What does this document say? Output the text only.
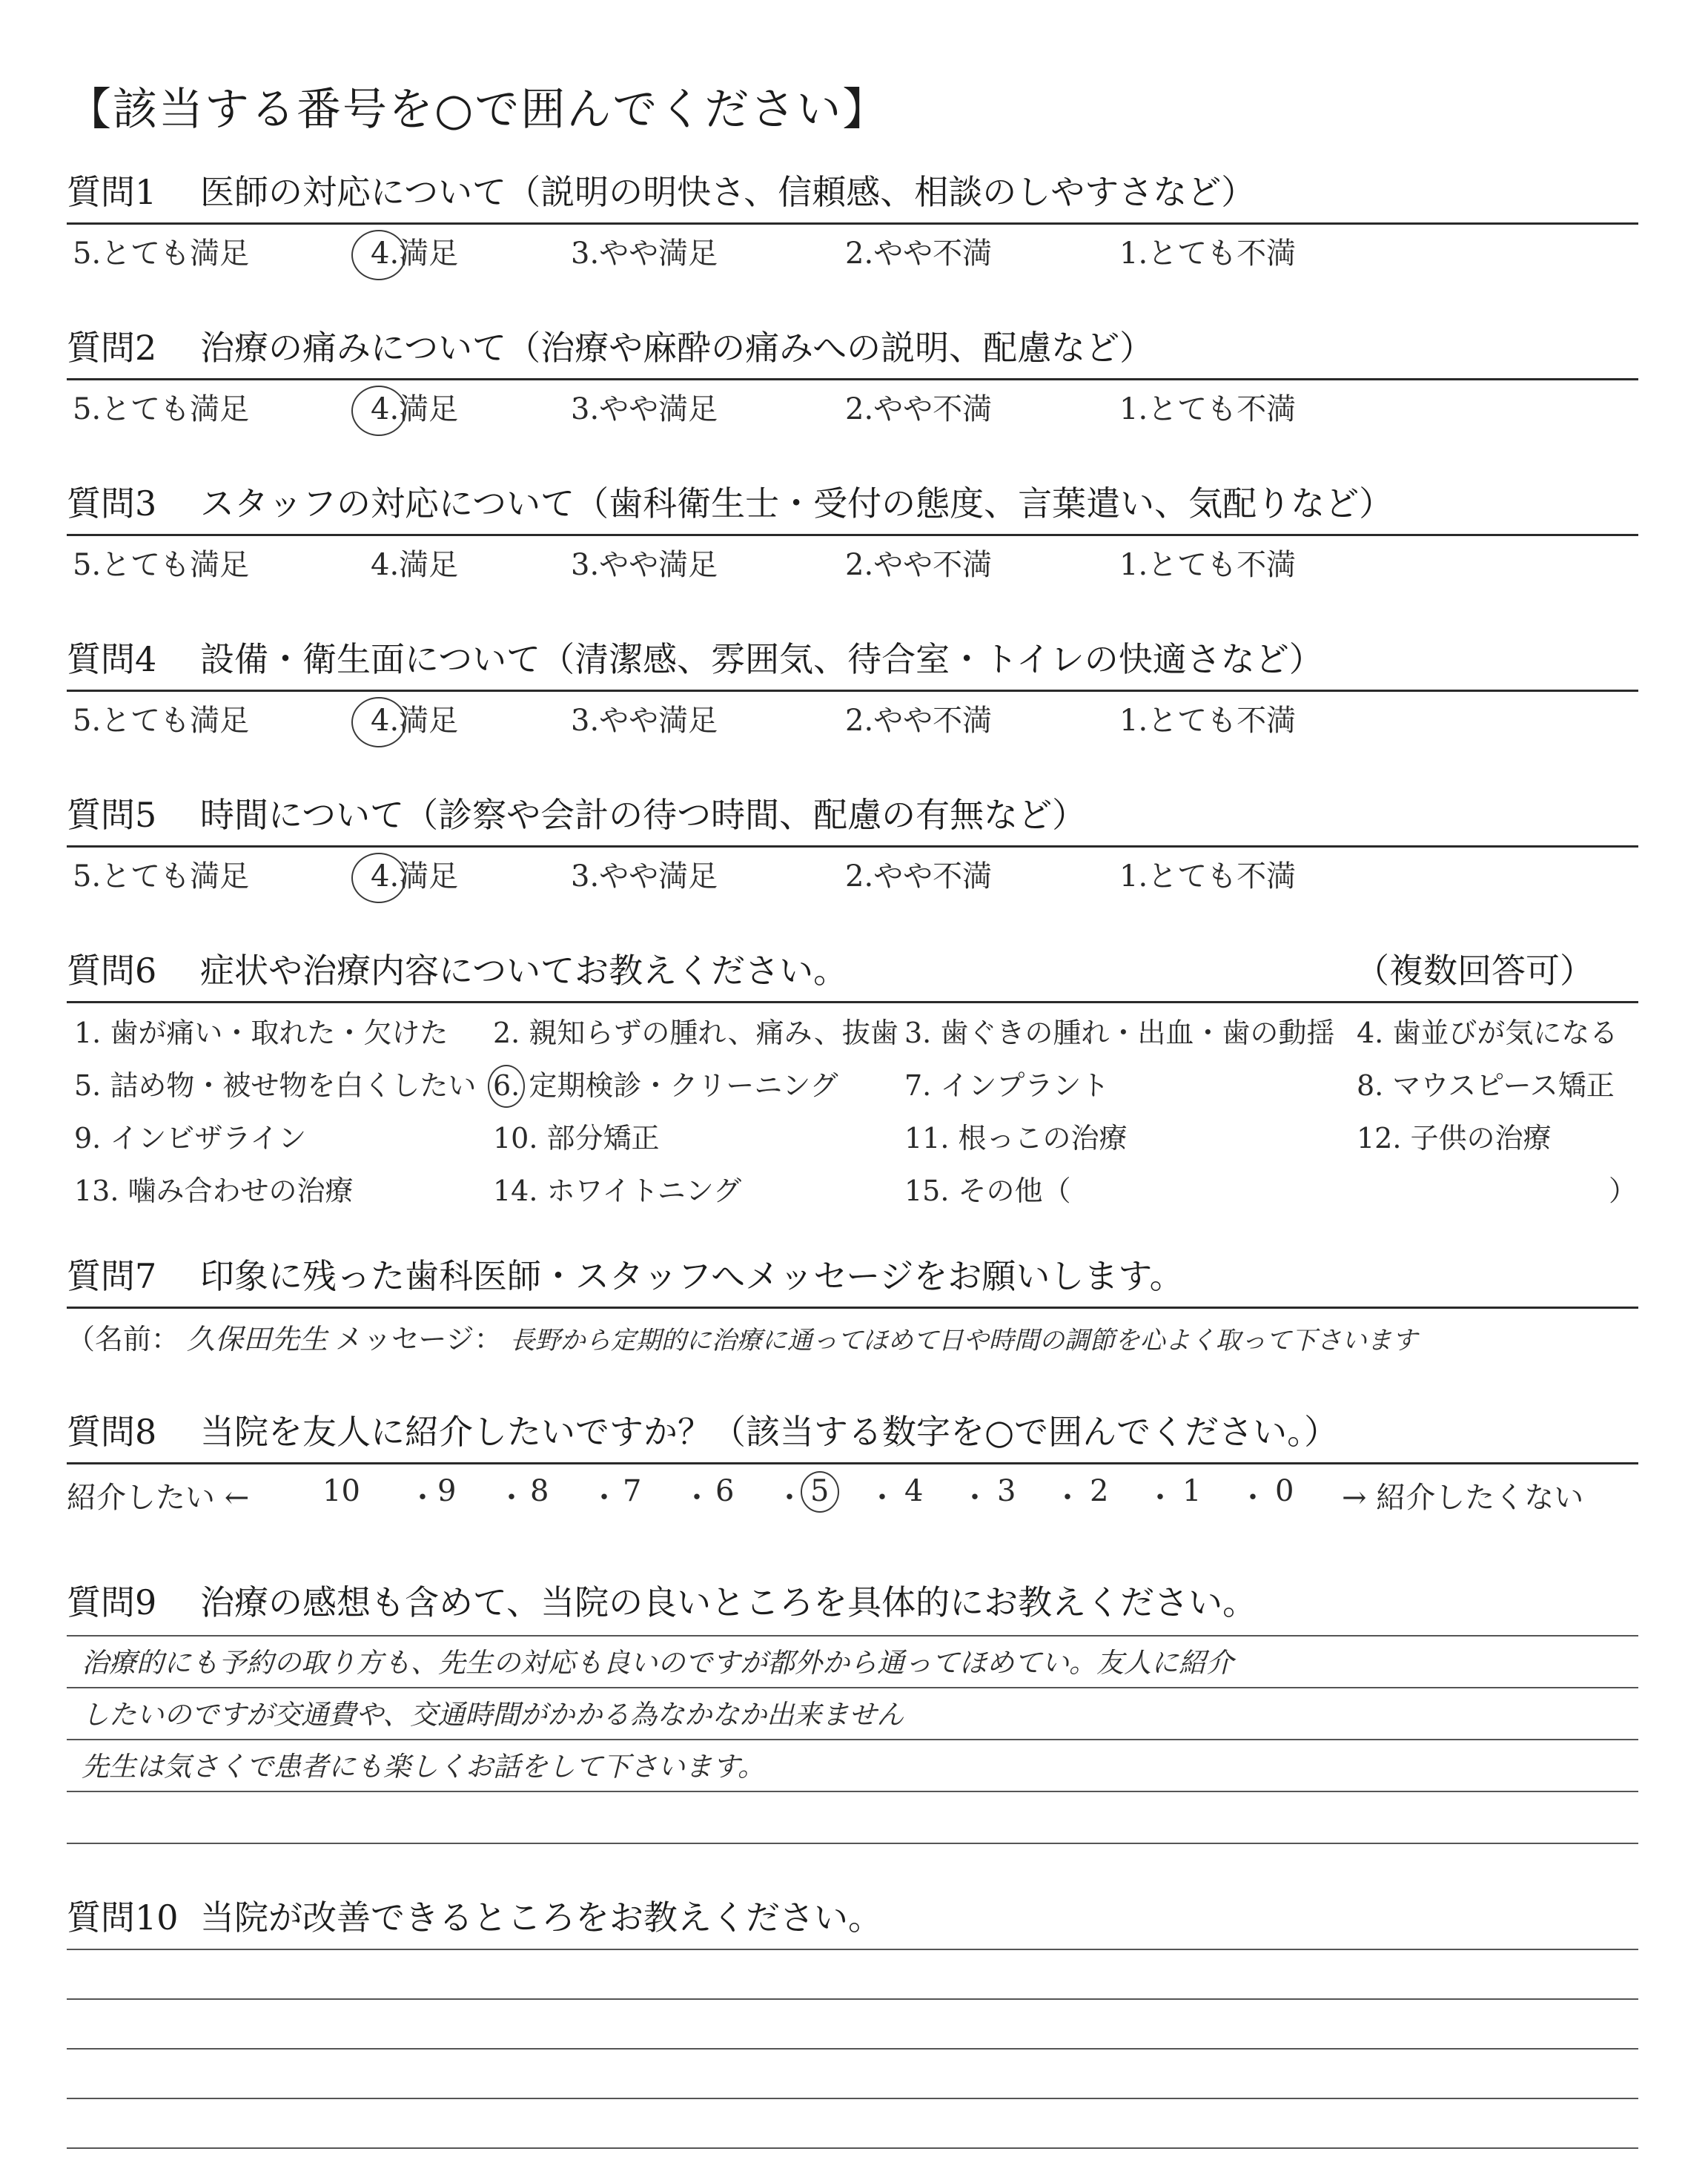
【該当する番号を○で囲んでください】
質問1 医師の対応について（説明の明快さ、信頼感、相談のしやすさなど）
5.とても満足	4.満足	3.やや満足	2.やや不満	1.とても不満
質問2 治療の痛みについて（治療や麻酔の痛みへの説明、配慮など）
5.とても満足	4.満足	3.やや満足	2.やや不満	1.とても不満
質問3 スタッフの対応について（歯科衛生士・受付の態度、言葉遣い、気配りなど）
5.とても満足	4.満足	3.やや満足	2.やや不満	1.とても不満
質問4 設備・衛生面について（清潔感、雰囲気、待合室・トイレの快適さなど）
5.とても満足	4.満足	3.やや満足	2.やや不満	1.とても不満
質問5 時間について（診察や会計の待つ時間、配慮の有無など）
5.とても満足	4.満足	3.やや満足	2.やや不満	1.とても不満
質問6 症状や治療内容についてお教えください。	（複数回答可）
1. 歯が痛い・取れた・欠けた 2. 親知らずの腫れ、痛み、抜歯 3. 歯ぐきの腫れ・出血・歯の動揺 4. 歯並びが気になる
5. 詰め物・被せ物を白くしたい 6. 定期検診・クリーニング 7. インプラント	8. マウスピース矯正
9. インビザライン	10. 部分矯正	11. 根っこの治療	12. 子供の治療
13. 噛み合わせの治療	14. ホワイトニング	15. その他（	）
質問7 印象に残った歯科医師・スタッフへメッセージをお願いします。
（名前： 久保田先生 メッセージ： 長野から定期的に治療に通ってほめて日や時間の調節を心よく取って下さいます
質問8 当院を友人に紹介したいですか？（該当する数字を○で囲んでください。）
紹介したい ← 10 ・ 9 ・ 8 ・ 7 ・ 6 ・ 5 ・ 4 ・ 3 ・ 2 ・ 1 ・ 0 → 紹介したくない
質問9 治療の感想も含めて、当院の良いところを具体的にお教えください。
治療的にも予約の取り方も、先生の対応も良いのですが都外から通ってほめてい。友人に紹介
したいのですが交通費や、交通時間がかかる為なかなか出来ません
先生は気さくで患者にも楽しくお話をして下さいます。
質問10 当院が改善できるところをお教えください。
